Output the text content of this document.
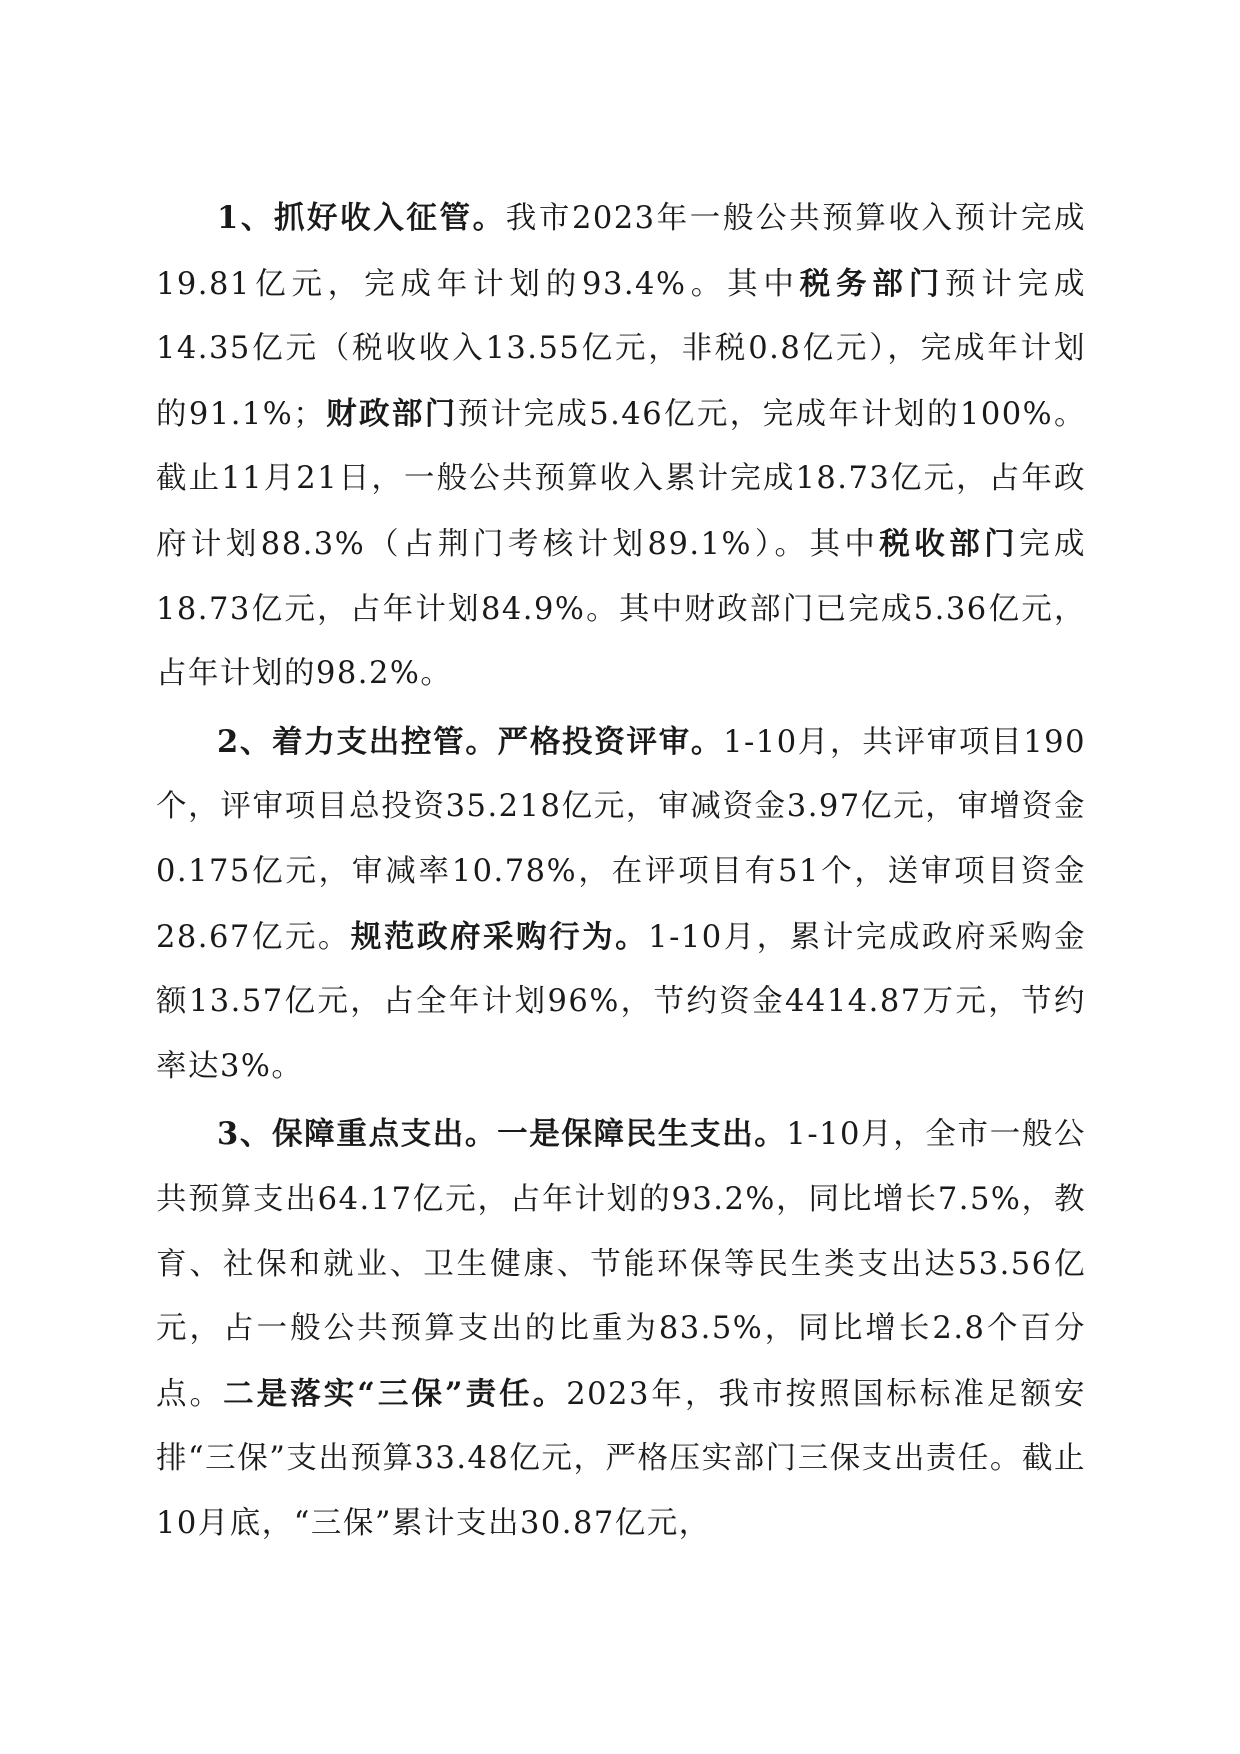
1、抓好收入征管。我市2023年一般公共预算收入预计完成19.81亿元，完成年计划的93.4%。其中税务部门预计完成14.35亿元（税收收入13.55亿元，非税0.8亿元），完成年计划的91.1%；财政部门预计完成5.46亿元，完成年计划的100%。截止11月21日，一般公共预算收入累计完成18.73亿元，占年政府计划88.3%（占荆门考核计划89.1%）。其中税收部门完成18.73亿元，占年计划84.9%。其中财政部门已完成5.36亿元，占年计划的98.2%。

2、着力支出控管。严格投资评审。1-10月，共评审项目190个，评审项目总投资35.218亿元，审减资金3.97亿元，审增资金0.175亿元，审减率10.78%，在评项目有51个，送审项目资金28.67亿元。规范政府采购行为。1-10月，累计完成政府采购金额13.57亿元，占全年计划96%，节约资金4414.87万元，节约率达3%。

3、保障重点支出。一是保障民生支出。1-10月，全市一般公共预算支出64.17亿元，占年计划的93.2%，同比增长7.5%，教育、社保和就业、卫生健康、节能环保等民生类支出达53.56亿元，占一般公共预算支出的比重为83.5%，同比增长2.8个百分点。二是落实“三保”责任。2023年，我市按照国标标准足额安排“三保”支出预算33.48亿元，严格压实部门三保支出责任。截止10月底，“三保”累计支出30.87亿元，
